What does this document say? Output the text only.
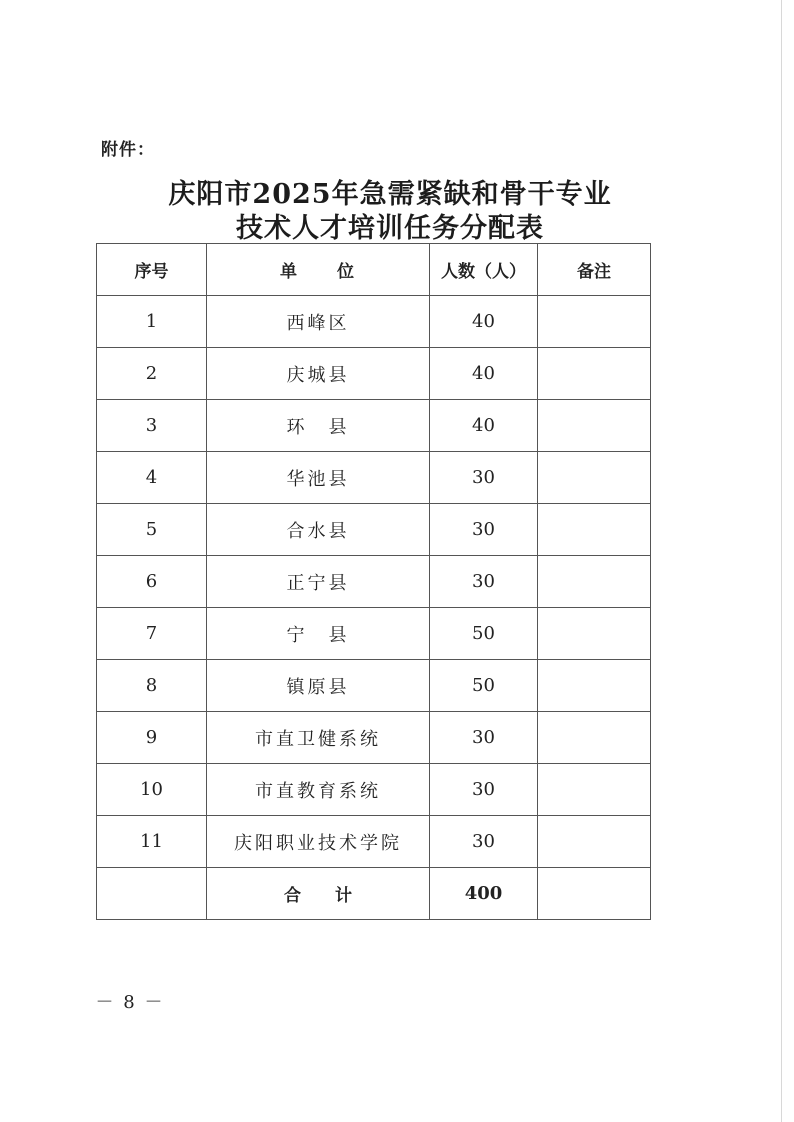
附件：
庆阳市2025年急需紧缺和骨干专业
技术人才培训任务分配表
序号	单　　位	人数（人）	备注
1	西峰区	40	
2	庆城县	40	
3	环　县	40	
4	华池县	30	
5	合水县	30	
6	正宁县	30	
7	宁　县	50	
8	镇原县	50	
9	市直卫健系统	30	
10	市直教育系统	30	
11	庆阳职业技术学院	30	
	合　　计	400	
－ 8 －
